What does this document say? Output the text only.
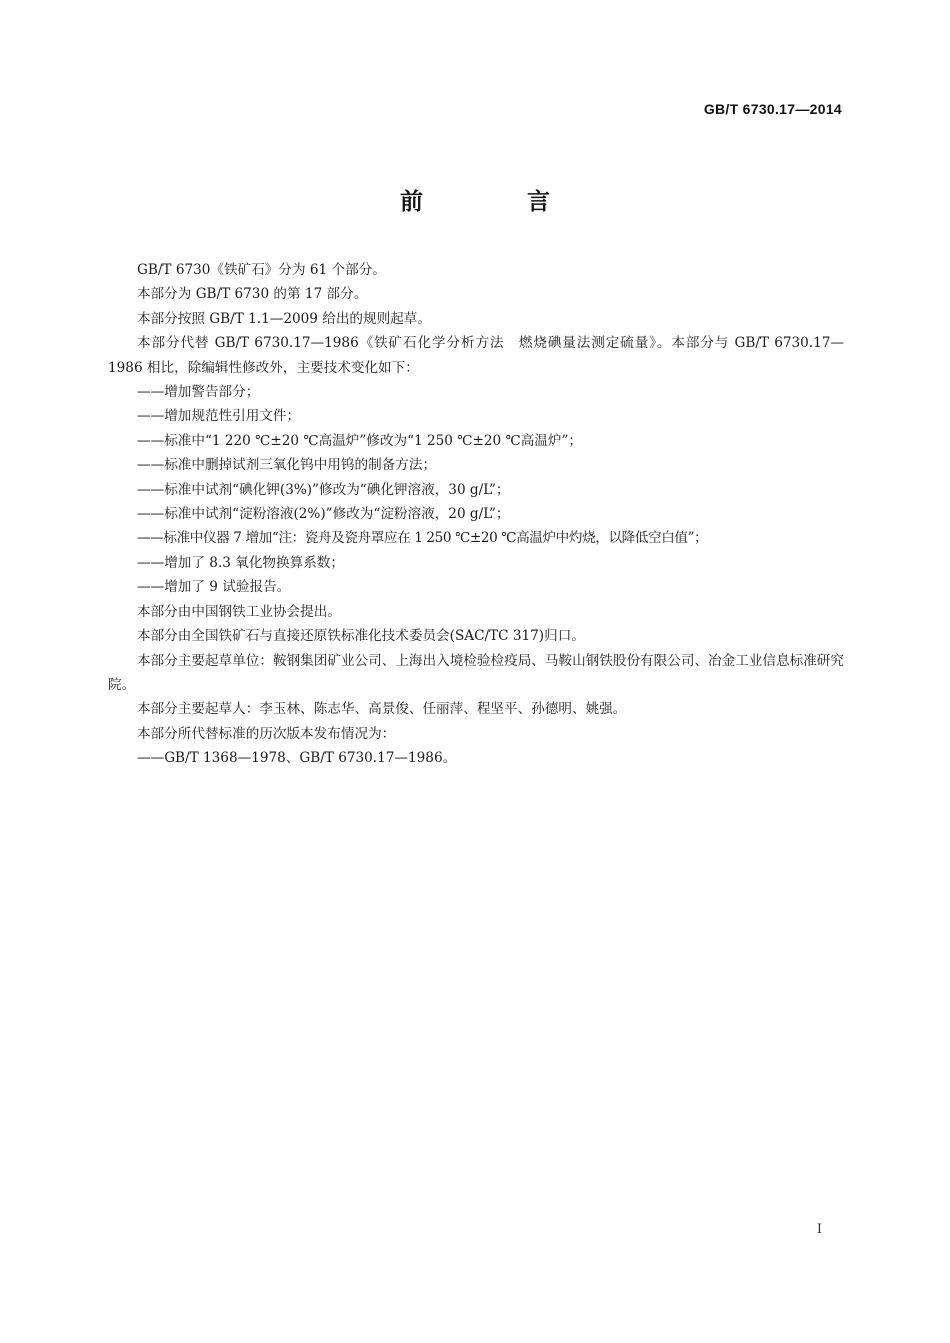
GB/T 6730.17—2014
前 言

GB/T 6730《铁矿石》分为 61 个部分。

本部分为 GB/T 6730 的第 17 部分。

本部分按照 GB/T 1.1—2009 给出的规则起草。

本部分代替 GB/T 6730.17—1986《铁矿石化学分析方法　燃烧碘量法测定硫量》。本部分与 GB/T 6730.17—1986 相比，除编辑性修改外，主要技术变化如下：

——增加警告部分；

——增加规范性引用文件；

——标准中“1 220 ℃±20 ℃高温炉”修改为“1 250 ℃±20 ℃高温炉”；

——标准中删掉试剂三氧化钨中用钨的制备方法；

——标准中试剂“碘化钾(3%)”修改为“碘化钾溶液，30 g/L”；

——标准中试剂“淀粉溶液(2%)”修改为“淀粉溶液，20 g/L”；

——标准中仪器 7 增加“注：瓷舟及瓷舟罩应在 1 250 ℃±20 ℃高温炉中灼烧，以降低空白值”；

——增加了 8.3 氧化物换算系数；

——增加了 9 试验报告。

本部分由中国钢铁工业协会提出。

本部分由全国铁矿石与直接还原铁标准化技术委员会(SAC/TC 317)归口。

本部分主要起草单位：鞍钢集团矿业公司、上海出入境检验检疫局、马鞍山钢铁股份有限公司、冶金工业信息标准研究院。

本部分主要起草人：李玉林、陈志华、高景俊、任丽萍、程坚平、孙德明、姚强。

本部分所代替标准的历次版本发布情况为：

——GB/T 1368—1978、GB/T 6730.17—1986。

I
